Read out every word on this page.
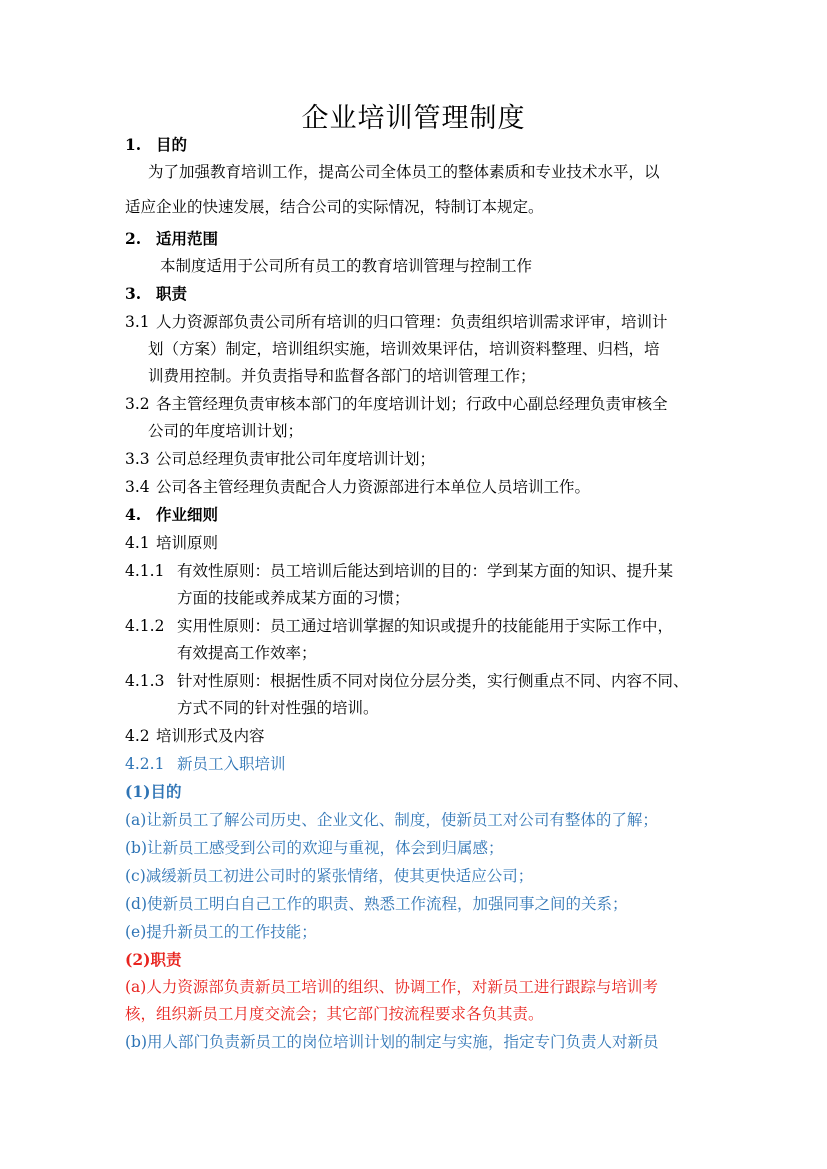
企业培训管理制度
1. 目的
为了加强教育培训工作，提高公司全体员工的整体素质和专业技术水平，以
适应企业的快速发展，结合公司的实际情况，特制订本规定。
2. 适用范围
本制度适用于公司所有员工的教育培训管理与控制工作
3. 职责
3.1 人力资源部负责公司所有培训的归口管理：负责组织培训需求评审，培训计
划（方案）制定，培训组织实施，培训效果评估，培训资料整理、归档，培
训费用控制。并负责指导和监督各部门的培训管理工作；
3.2 各主管经理负责审核本部门的年度培训计划；行政中心副总经理负责审核全
公司的年度培训计划；
3.3 公司总经理负责审批公司年度培训计划；
3.4 公司各主管经理负责配合人力资源部进行本单位人员培训工作。
4. 作业细则
4.1 培训原则
4.1.1 有效性原则：员工培训后能达到培训的目的：学到某方面的知识、提升某
方面的技能或养成某方面的习惯；
4.1.2 实用性原则：员工通过培训掌握的知识或提升的技能能用于实际工作中，
有效提高工作效率；
4.1.3 针对性原则：根据性质不同对岗位分层分类，实行侧重点不同、内容不同、
方式不同的针对性强的培训。
4.2 培训形式及内容
4.2.1 新员工入职培训
(1)目的
(a)让新员工了解公司历史、企业文化、制度，使新员工对公司有整体的了解；
(b)让新员工感受到公司的欢迎与重视，体会到归属感；
(c)减缓新员工初进公司时的紧张情绪，使其更快适应公司；
(d)使新员工明白自己工作的职责、熟悉工作流程，加强同事之间的关系；
(e)提升新员工的工作技能；
(2)职责
(a)人力资源部负责新员工培训的组织、协调工作，对新员工进行跟踪与培训考
核，组织新员工月度交流会；其它部门按流程要求各负其责。
(b)用人部门负责新员工的岗位培训计划的制定与实施，指定专门负责人对新员
